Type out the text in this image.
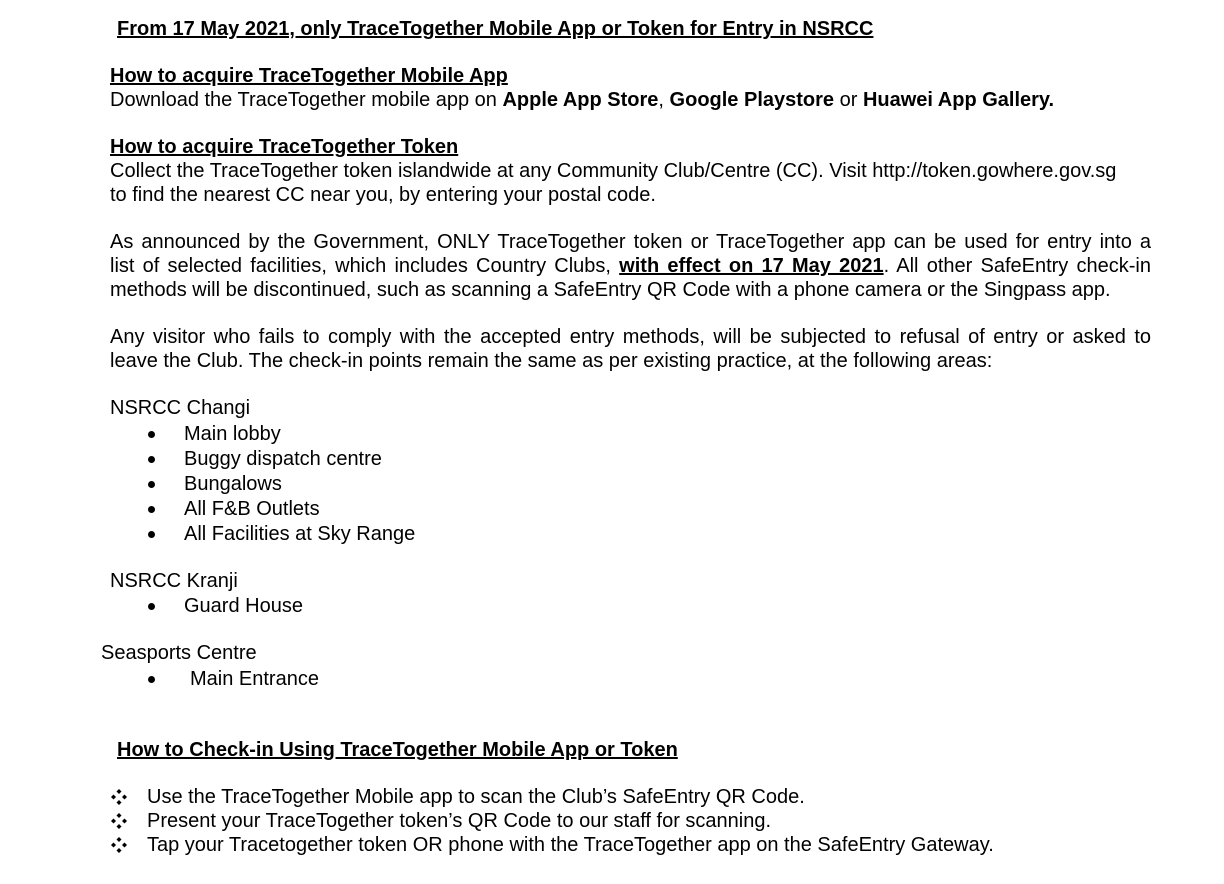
From 17 May 2021, only TraceTogether Mobile App or Token for Entry in NSRCC
How to acquire TraceTogether Mobile App
Download the TraceTogether mobile app on Apple App Store, Google Playstore or Huawei App Gallery.
How to acquire TraceTogether Token
Collect the TraceTogether token islandwide at any Community Club/Centre (CC). Visit http://token.gowhere.gov.sg
to find the nearest CC near you, by entering your postal code.
As announced by the Government, ONLY TraceTogether token or TraceTogether app can be used for entry into a
list of selected facilities, which includes Country Clubs, with effect on 17 May 2021. All other SafeEntry check-in
methods will be discontinued, such as scanning a SafeEntry QR Code with a phone camera or the Singpass app.
Any visitor who fails to comply with the accepted entry methods, will be subjected to refusal of entry or asked to
leave the Club. The check-in points remain the same as per existing practice, at the following areas:
NSRCC Changi
Main lobby
Buggy dispatch centre
Bungalows
All F&B Outlets
All Facilities at Sky Range
NSRCC Kranji
Guard House
Seasports Centre
Main Entrance
How to Check-in Using TraceTogether Mobile App or Token
Use the TraceTogether Mobile app to scan the Club’s SafeEntry QR Code.
Present your TraceTogether token’s QR Code to our staff for scanning.
Tap your Tracetogether token OR phone with the TraceTogether app on the SafeEntry Gateway.
